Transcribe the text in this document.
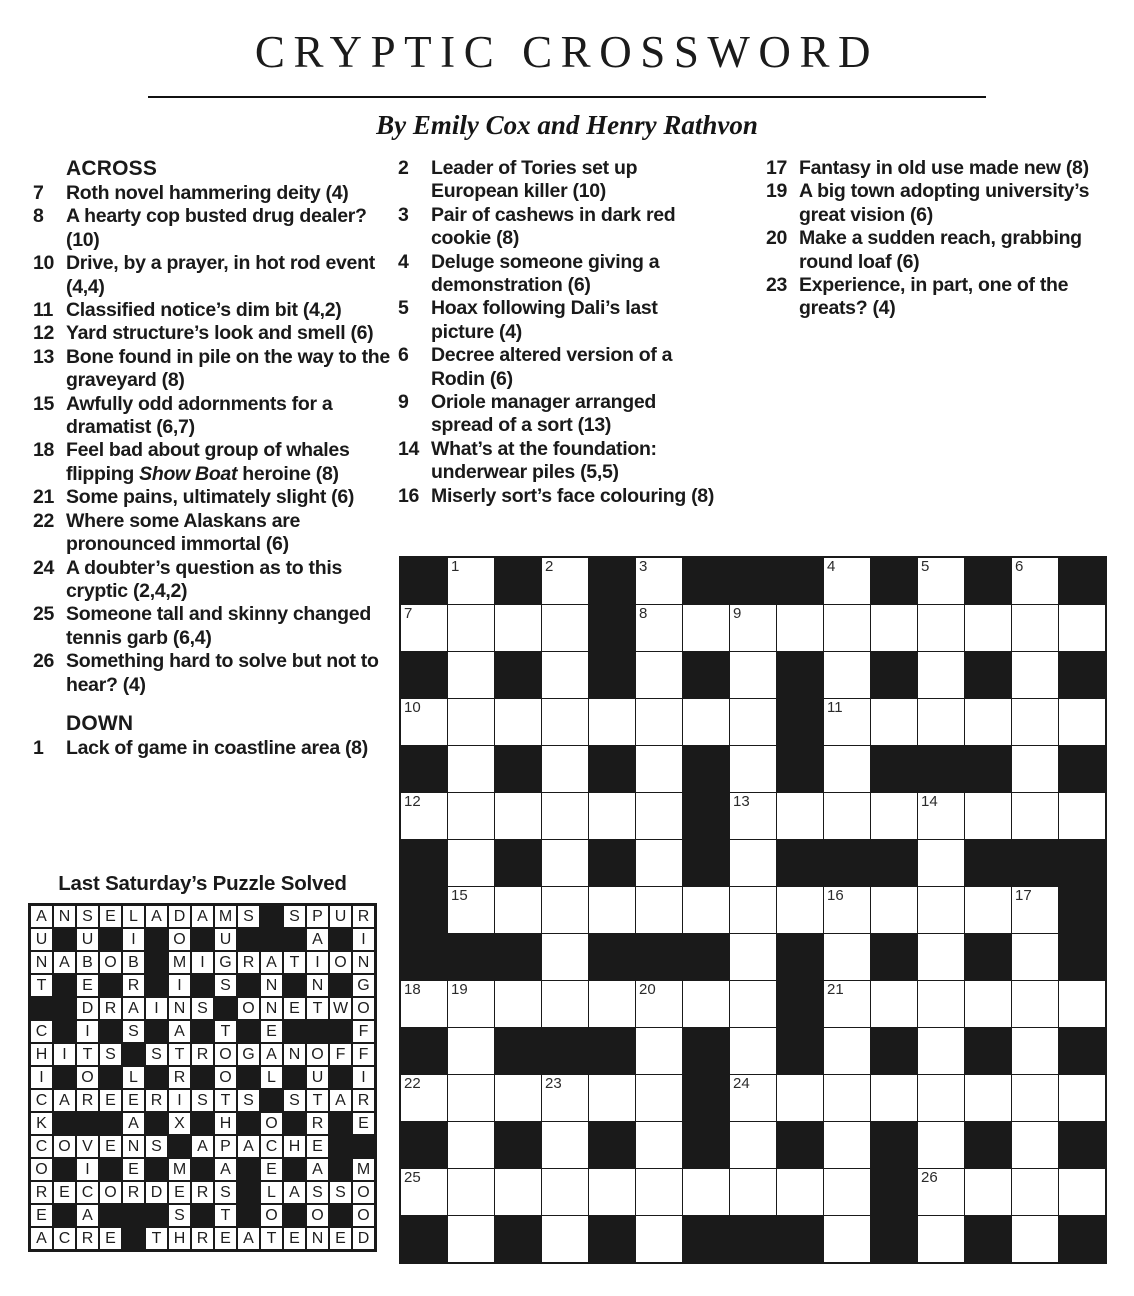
CRYPTIC CROSSWORD
By Emily Cox and Henry Rathvon
ACROSS
7	Roth novel hammering deity (4)
8	A hearty cop busted drug dealer? (10)
10 Drive, by a prayer, in hot rod event (4,4)
11 Classified notice’s dim bit (4,2)
12 Yard structure’s look and smell (6)
13 Bone found in pile on the way to the graveyard (8)
15 Awfully odd adornments for a dramatist (6,7)
18 Feel bad about group of whales flipping Show Boat heroine (8)
21 Some pains, ultimately slight (6)
22 Where some Alaskans are pronounced immortal (6)
24 A doubter’s question as to this cryptic (2,4,2)
25 Someone tall and skinny changed tennis garb (6,4)
26 Something hard to solve but not to hear? (4)
DOWN
1	Lack of game in coastline area (8)
2	Leader of Tories set up European killer (10)
3	Pair of cashews in dark red cookie (8)
4	Deluge someone giving a demonstration (6)
5	Hoax following Dali’s last picture (4)
6	Decree altered version of a Rodin (6)
9	Oriole manager arranged spread of a sort (13)
14 What’s at the foundation: underwear piles (5,5)
16 Miserly sort’s face colouring (8)
17 Fantasy in old use made new (8)
19 A big town adopting university’s great vision (6)
20 Make a sudden reach, grabbing round loaf (6)
23 Experience, in part, one of the greats? (4)
Last Saturday’s Puzzle Solved
A N S E L A D A M S	S P U R
U U	I	O U	A	I
N A B O B	M I G R A T I O N
T	E	R	I	S	N N G
D R A I N S	O N E T W O
C	I	S	A	T	E	F
H I T S	S T R O G A N O F F
I	O	L	R O	L	U	I
C A R E E R I S T S	S T A R
K	A	X	H O R	E
C O V E N S	A P A C H E
O	I	E	M	A	E	A	M
R E C O R D E R S	L A S S O
E	A	S	T	O O O
A C R E	T H R E A T E N E D
1	2	3	4	5	6
7	8	9
10	11
12	13	14
15	16	17
18 19	20	21
22	23	24
25	26
